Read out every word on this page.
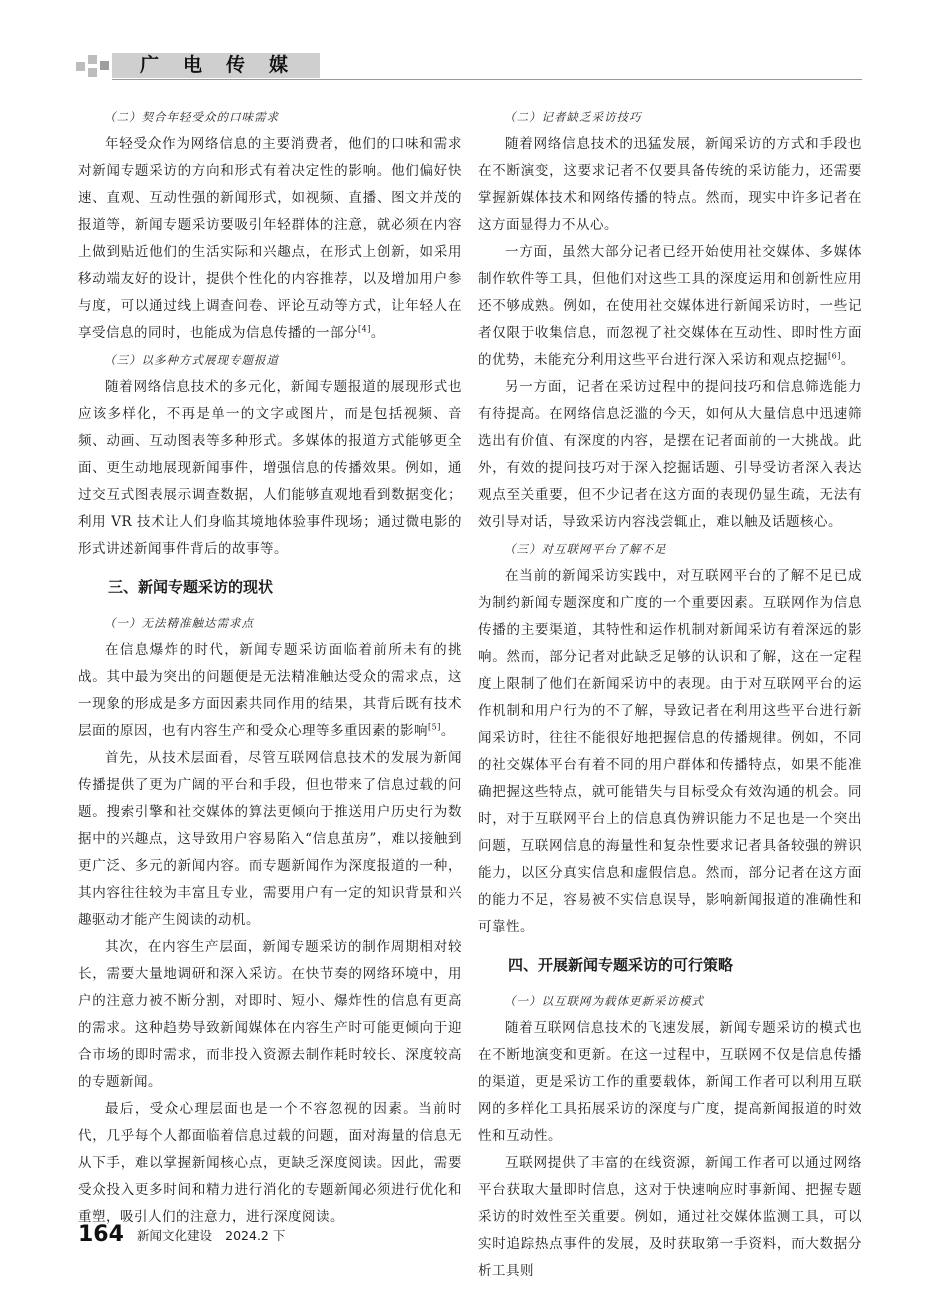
广电传媒
（二）契合年轻受众的口味需求

年轻受众作为网络信息的主要消费者，他们的口味和需求对新闻专题采访的方向和形式有着决定性的影响。他们偏好快速、直观、互动性强的新闻形式，如视频、直播、图文并茂的报道等，新闻专题采访要吸引年轻群体的注意，就必须在内容上做到贴近他们的生活实际和兴趣点，在形式上创新，如采用移动端友好的设计，提供个性化的内容推荐，以及增加用户参与度，可以通过线上调查问卷、评论互动等方式，让年轻人在享受信息的同时，也能成为信息传播的一部分[4]。

（三）以多种方式展现专题报道

随着网络信息技术的多元化，新闻专题报道的展现形式也应该多样化，不再是单一的文字或图片，而是包括视频、音频、动画、互动图表等多种形式。多媒体的报道方式能够更全面、更生动地展现新闻事件，增强信息的传播效果。例如，通过交互式图表展示调查数据，人们能够直观地看到数据变化；利用 VR 技术让人们身临其境地体验事件现场；通过微电影的形式讲述新闻事件背后的故事等。

三、新闻专题采访的现状
（一）无法精准触达需求点

在信息爆炸的时代，新闻专题采访面临着前所未有的挑战。其中最为突出的问题便是无法精准触达受众的需求点，这一现象的形成是多方面因素共同作用的结果，其背后既有技术层面的原因，也有内容生产和受众心理等多重因素的影响[5]。

首先，从技术层面看，尽管互联网信息技术的发展为新闻传播提供了更为广阔的平台和手段，但也带来了信息过载的问题。搜索引擎和社交媒体的算法更倾向于推送用户历史行为数据中的兴趣点，这导致用户容易陷入“信息茧房”，难以接触到更广泛、多元的新闻内容。而专题新闻作为深度报道的一种，其内容往往较为丰富且专业，需要用户有一定的知识背景和兴趣驱动才能产生阅读的动机。

其次，在内容生产层面，新闻专题采访的制作周期相对较长，需要大量地调研和深入采访。在快节奏的网络环境中，用户的注意力被不断分割，对即时、短小、爆炸性的信息有更高的需求。这种趋势导致新闻媒体在内容生产时可能更倾向于迎合市场的即时需求，而非投入资源去制作耗时较长、深度较高的专题新闻。

最后，受众心理层面也是一个不容忽视的因素。当前时代，几乎每个人都面临着信息过载的问题，面对海量的信息无从下手，难以掌握新闻核心点，更缺乏深度阅读。因此，需要受众投入更多时间和精力进行消化的专题新闻必须进行优化和重塑，吸引人们的注意力，进行深度阅读。

（二）记者缺乏采访技巧

随着网络信息技术的迅猛发展，新闻采访的方式和手段也在不断演变，这要求记者不仅要具备传统的采访能力，还需要掌握新媒体技术和网络传播的特点。然而，现实中许多记者在这方面显得力不从心。

一方面，虽然大部分记者已经开始使用社交媒体、多媒体制作软件等工具，但他们对这些工具的深度运用和创新性应用还不够成熟。例如，在使用社交媒体进行新闻采访时，一些记者仅限于收集信息，而忽视了社交媒体在互动性、即时性方面的优势，未能充分利用这些平台进行深入采访和观点挖掘[6]。

另一方面，记者在采访过程中的提问技巧和信息筛选能力有待提高。在网络信息泛滥的今天，如何从大量信息中迅速筛选出有价值、有深度的内容，是摆在记者面前的一大挑战。此外，有效的提问技巧对于深入挖掘话题、引导受访者深入表达观点至关重要，但不少记者在这方面的表现仍显生疏，无法有效引导对话，导致采访内容浅尝辄止，难以触及话题核心。

（三）对互联网平台了解不足

在当前的新闻采访实践中，对互联网平台的了解不足已成为制约新闻专题深度和广度的一个重要因素。互联网作为信息传播的主要渠道，其特性和运作机制对新闻采访有着深远的影响。然而，部分记者对此缺乏足够的认识和了解，这在一定程度上限制了他们在新闻采访中的表现。由于对互联网平台的运作机制和用户行为的不了解，导致记者在利用这些平台进行新闻采访时，往往不能很好地把握信息的传播规律。例如，不同的社交媒体平台有着不同的用户群体和传播特点，如果不能准确把握这些特点，就可能错失与目标受众有效沟通的机会。同时，对于互联网平台上的信息真伪辨识能力不足也是一个突出问题，互联网信息的海量性和复杂性要求记者具备较强的辨识能力，以区分真实信息和虚假信息。然而，部分记者在这方面的能力不足，容易被不实信息误导，影响新闻报道的准确性和可靠性。

四、开展新闻专题采访的可行策略
（一）以互联网为载体更新采访模式

随着互联网信息技术的飞速发展，新闻专题采访的模式也在不断地演变和更新。在这一过程中，互联网不仅是信息传播的渠道，更是采访工作的重要载体，新闻工作者可以利用互联网的多样化工具拓展采访的深度与广度，提高新闻报道的时效性和互动性。

互联网提供了丰富的在线资源，新闻工作者可以通过网络平台获取大量即时信息，这对于快速响应时事新闻、把握专题采访的时效性至关重要。例如，通过社交媒体监测工具，可以实时追踪热点事件的发展，及时获取第一手资料，而大数据分析工具则

164 新闻文化建设 2024.2 下
